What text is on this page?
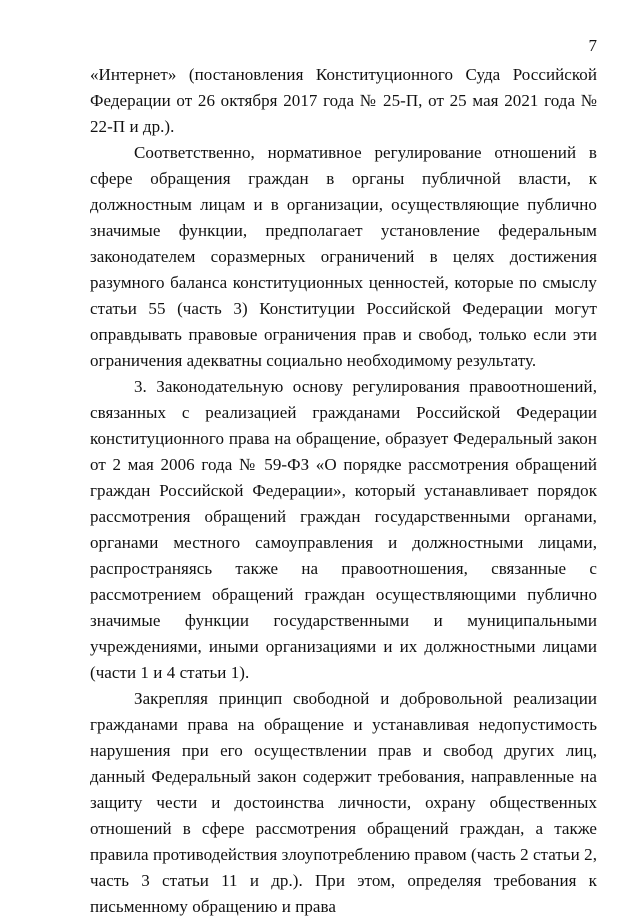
7

«Интернет» (постановления Конституционного Суда Российской Федерации от 26 октября 2017 года № 25-П, от 25 мая 2021 года № 22-П и др.).

Соответственно, нормативное регулирование отношений в сфере обращения граждан в органы публичной власти, к должностным лицам и в организации, осуществляющие публично значимые функции, предполагает установление федеральным законодателем соразмерных ограничений в целях достижения разумного баланса конституционных ценностей, которые по смыслу статьи 55 (часть 3) Конституции Российской Федерации могут оправдывать правовые ограничения прав и свобод, только если эти ограничения адекватны социально необходимому результату.

3. Законодательную основу регулирования правоотношений, связанных с реализацией гражданами Российской Федерации конституционного права на обращение, образует Федеральный закон от 2 мая 2006 года № 59-ФЗ «О порядке рассмотрения обращений граждан Российской Федерации», который устанавливает порядок рассмотрения обращений граждан государственными органами, органами местного самоуправления и должностными лицами, распространяясь также на правоотношения, связанные с рассмотрением обращений граждан осуществляющими публично значимые функции государственными и муниципальными учреждениями, иными организациями и их должностными лицами (части 1 и 4 статьи 1).

Закрепляя принцип свободной и добровольной реализации гражданами права на обращение и устанавливая недопустимость нарушения при его осуществлении прав и свобод других лиц, данный Федеральный закон содержит требования, направленные на защиту чести и достоинства личности, охрану общественных отношений в сфере рассмотрения обращений граждан, а также правила противодействия злоупотреблению правом (часть 2 статьи 2, часть 3 статьи 11 и др.). При этом, определяя требования к письменному обращению и права
